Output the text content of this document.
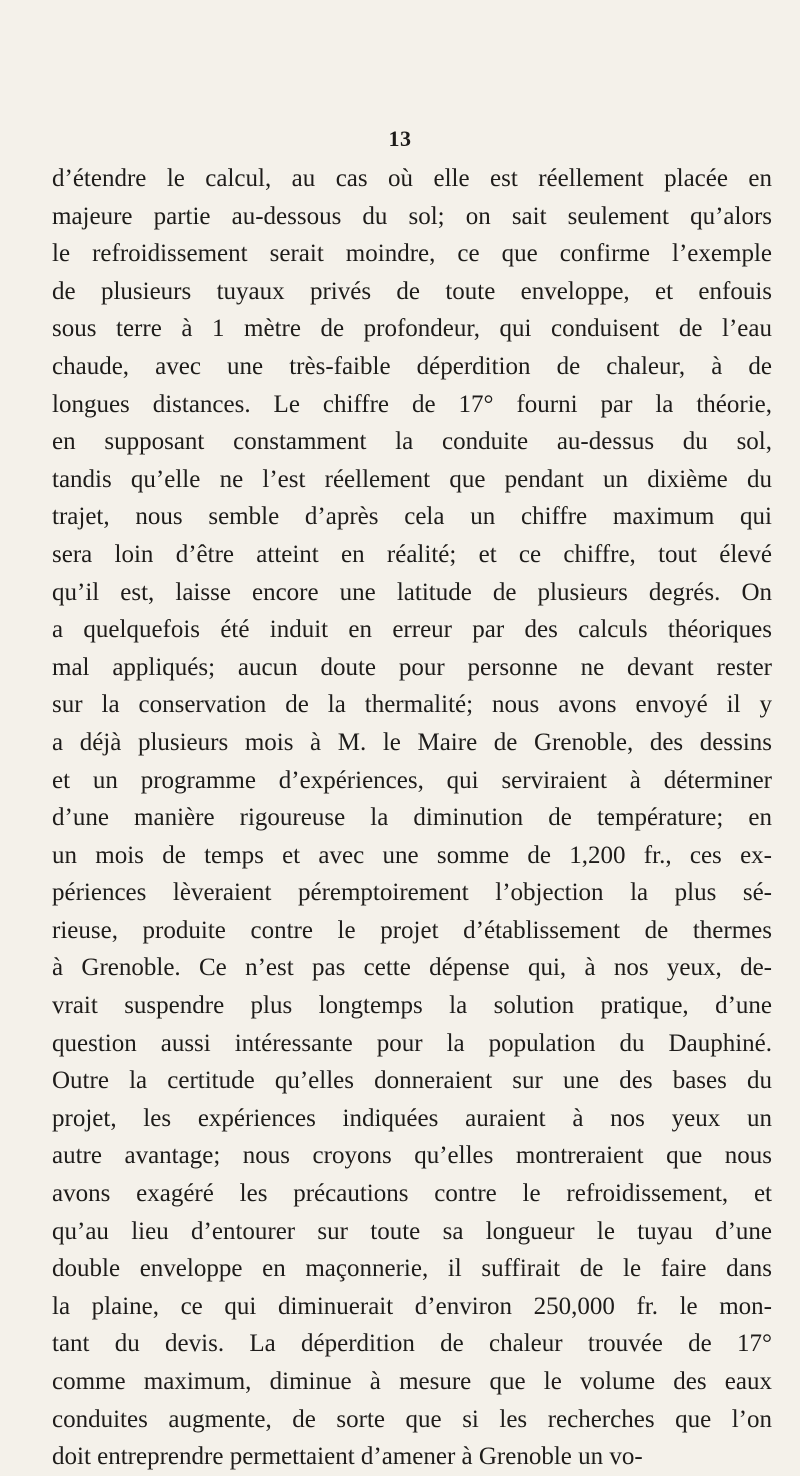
13
d’étendre le calcul, au cas où elle est réellement placée en
majeure partie au-dessous du sol; on sait seulement qu’alors
le refroidissement serait moindre, ce que confirme l’exemple
de plusieurs tuyaux privés de toute enveloppe, et enfouis
sous terre à 1 mètre de profondeur, qui conduisent de l’eau
chaude, avec une très-faible déperdition de chaleur, à de
longues distances. Le chiffre de 17° fourni par la théorie,
en supposant constamment la conduite au-dessus du sol,
tandis qu’elle ne l’est réellement que pendant un dixième du
trajet, nous semble d’après cela un chiffre maximum qui
sera loin d’être atteint en réalité; et ce chiffre, tout élevé
qu’il est, laisse encore une latitude de plusieurs degrés. On
a quelquefois été induit en erreur par des calculs théoriques
mal appliqués; aucun doute pour personne ne devant rester
sur la conservation de la thermalité; nous avons envoyé il y
a déjà plusieurs mois à M. le Maire de Grenoble, des dessins
et un programme d’expériences, qui serviraient à déterminer
d’une manière rigoureuse la diminution de température; en
un mois de temps et avec une somme de 1,200 fr., ces ex-
périences lèveraient péremptoirement l’objection la plus sé-
rieuse, produite contre le projet d’établissement de thermes
à Grenoble. Ce n’est pas cette dépense qui, à nos yeux, de-
vrait suspendre plus longtemps la solution pratique, d’une
question aussi intéressante pour la population du Dauphiné.
Outre la certitude qu’elles donneraient sur une des bases du
projet, les expériences indiquées auraient à nos yeux un
autre avantage; nous croyons qu’elles montreraient que nous
avons exagéré les précautions contre le refroidissement, et
qu’au lieu d’entourer sur toute sa longueur le tuyau d’une
double enveloppe en maçonnerie, il suffirait de le faire dans
la plaine, ce qui diminuerait d’environ 250,000 fr. le mon-
tant du devis. La déperdition de chaleur trouvée de 17°
comme maximum, diminue à mesure que le volume des eaux
conduites augmente, de sorte que si les recherches que l’on
doit entreprendre permettaient d’amener à Grenoble un vo-
